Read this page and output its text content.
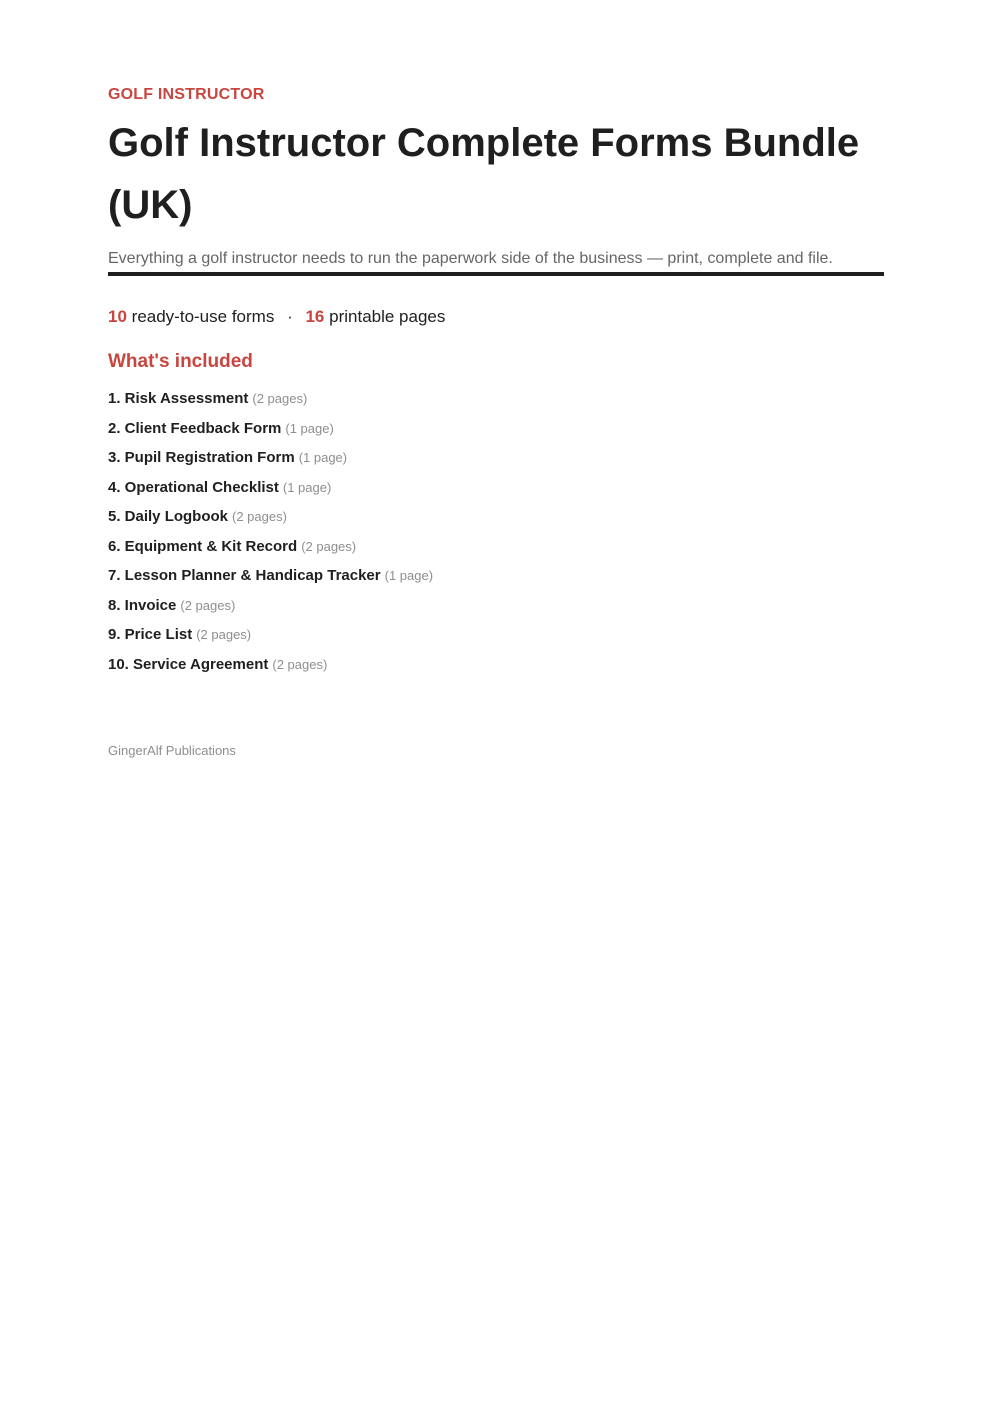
GOLF INSTRUCTOR
Golf Instructor Complete Forms Bundle (UK)
Everything a golf instructor needs to run the paperwork side of the business — print, complete and file.
10 ready-to-use forms · 16 printable pages
What's included
1. Risk Assessment (2 pages)
2. Client Feedback Form (1 page)
3. Pupil Registration Form (1 page)
4. Operational Checklist (1 page)
5. Daily Logbook (2 pages)
6. Equipment & Kit Record (2 pages)
7. Lesson Planner & Handicap Tracker (1 page)
8. Invoice (2 pages)
9. Price List (2 pages)
10. Service Agreement (2 pages)
GingerAlf Publications
